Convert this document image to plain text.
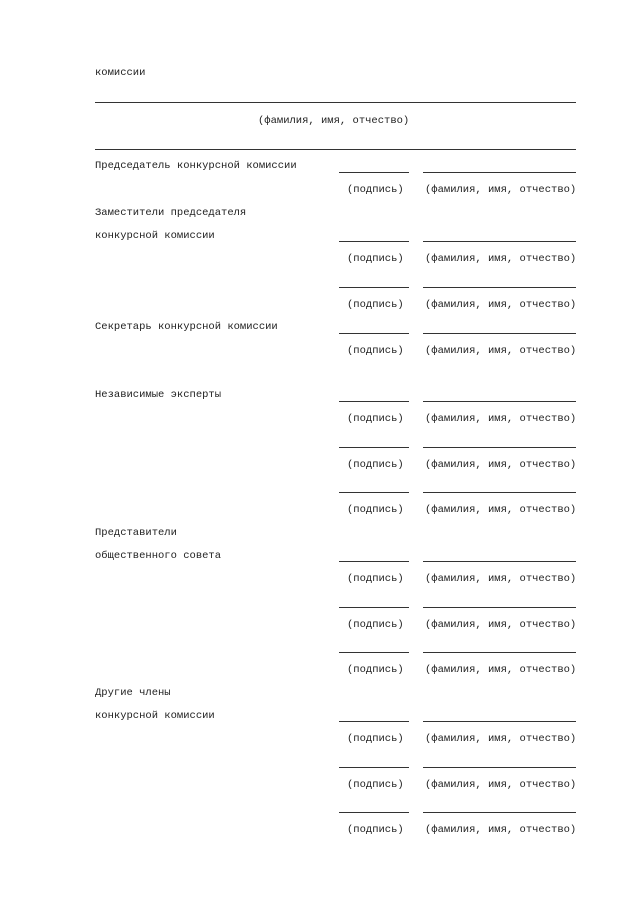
комиссии
(фамилия, имя, отчество)
Председатель конкурсной комиссии
(подпись) (фамилия, имя, отчество)
Заместители председателя
конкурсной комиссии
(подпись) (фамилия, имя, отчество)
(подпись) (фамилия, имя, отчество)
Секретарь конкурсной комиссии
(подпись) (фамилия, имя, отчество)
Независимые эксперты
(подпись) (фамилия, имя, отчество)
(подпись) (фамилия, имя, отчество)
(подпись) (фамилия, имя, отчество)
Представители
общественного совета
(подпись) (фамилия, имя, отчество)
(подпись) (фамилия, имя, отчество)
(подпись) (фамилия, имя, отчество)
Другие члены
конкурсной комиссии
(подпись) (фамилия, имя, отчество)
(подпись) (фамилия, имя, отчество)
(подпись) (фамилия, имя, отчество)
